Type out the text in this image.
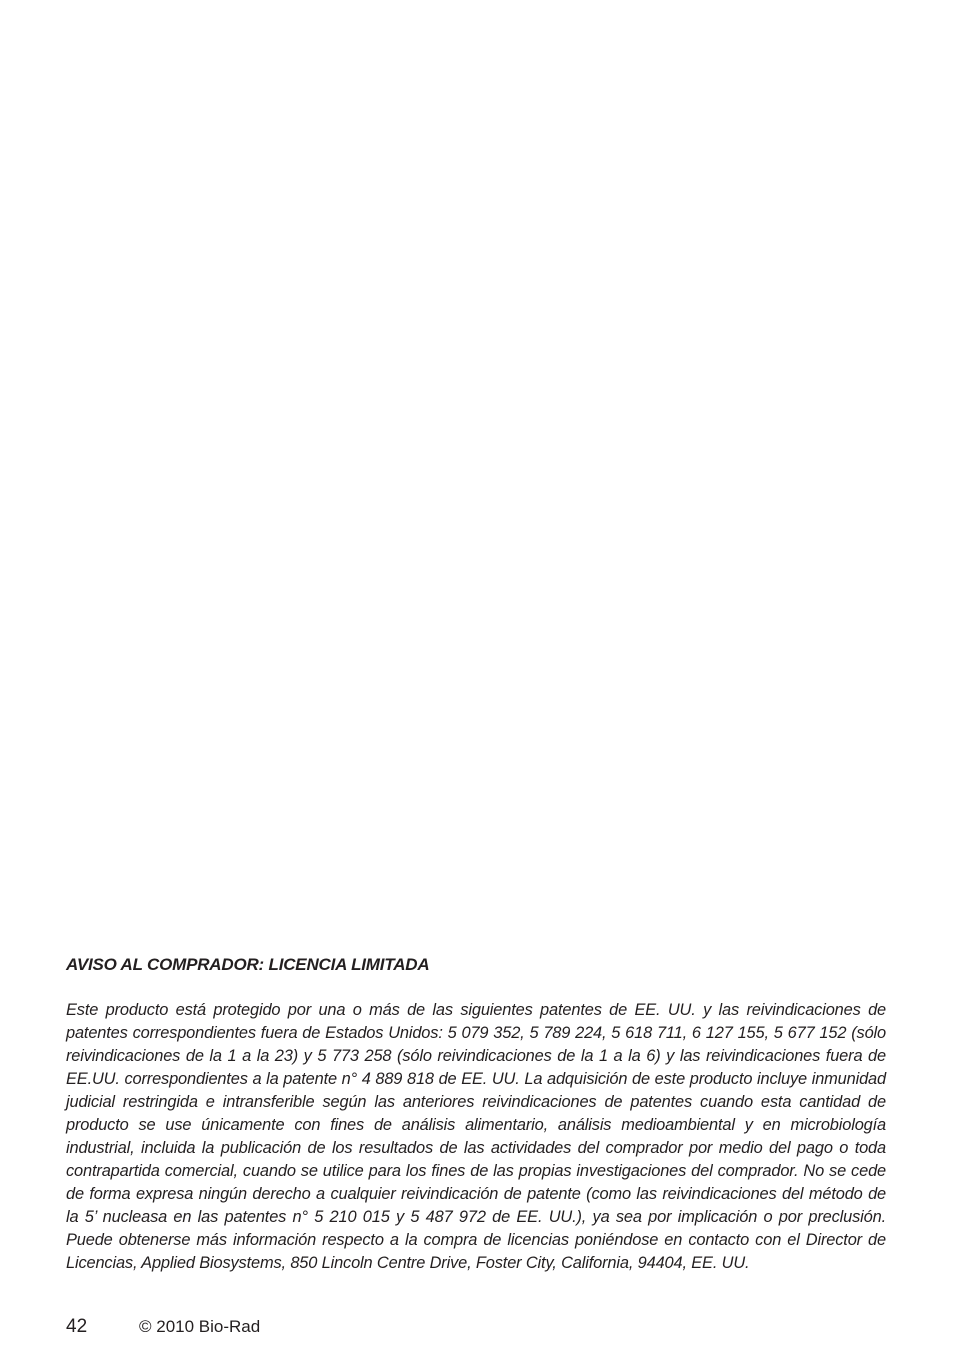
AVISO AL COMPRADOR: LICENCIA LIMITADA

Este producto está protegido por una o más de las siguientes patentes de EE. UU. y las reivindicaciones de patentes correspondientes fuera de Estados Unidos: 5 079 352, 5 789 224, 5 618 711, 6 127 155, 5 677 152 (sólo reivindicaciones de la 1 a la 23) y 5 773 258 (sólo reivindicaciones de la 1 a la 6) y las reivindicaciones fuera de EE.UU. correspondientes a la patente n° 4 889 818 de EE. UU. La adquisición de este producto incluye inmunidad judicial restringida e intransferible según las anteriores reivindicaciones de patentes cuando esta cantidad de producto se use únicamente con fines de análisis alimentario, análisis medioambiental y en microbiología industrial, incluida la publicación de los resultados de las actividades del comprador por medio del pago o toda contrapartida comercial, cuando se utilice para los fines de las propias investigaciones del comprador. No se cede de forma expresa ningún derecho a cualquier reivindicación de patente (como las reivindicaciones del método de la 5’ nucleasa en las patentes n° 5 210 015 y 5 487 972 de EE. UU.), ya sea por implicación o por preclusión. Puede obtenerse más información respecto a la compra de licencias poniéndose en contacto con el Director de Licencias, Applied Biosystems, 850 Lincoln Centre Drive, Foster City, California, 94404, EE. UU.

42	© 2010 Bio-Rad
